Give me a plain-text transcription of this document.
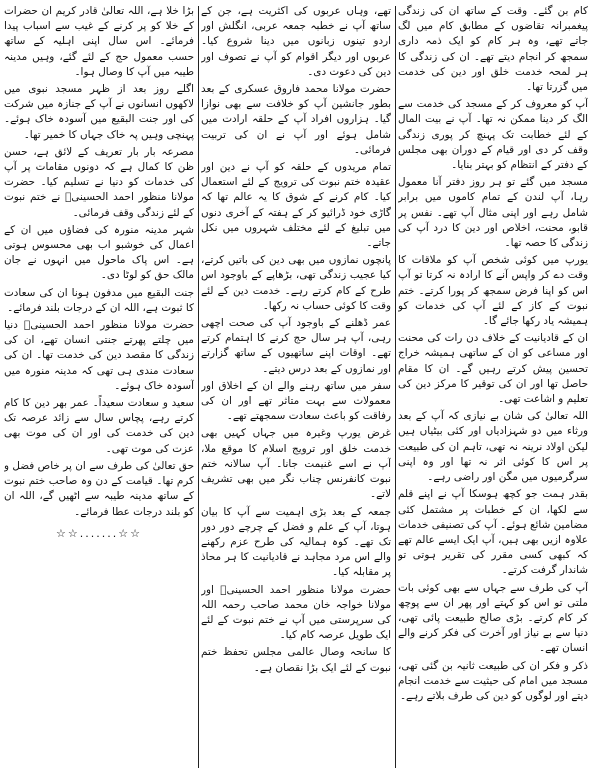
کام بن گئے۔ وقت کے ساتھ ان کی زندگی پیغمبرانہ تقاضوں کے مطابق کام میں لگ جاتے تھے، وہ ہر کام کو ایک ذمہ داری سمجھ کر انجام دیتے تھے۔ ان کی زندگی کا ہر لمحہ خدمت خلق اور دین کی خدمت میں گزرتا تھا۔

آپ کو معروف کر کے مسجد کی خدمت سے الگ کر دینا ممکن نہ تھا۔ آپ نے بیت المال کے لئے خطابت تک پہنچ کر پوری زندگی وقف کر دی اور قیام کے دوران بھی مجلس کے دفتر کے انتظام کو بہتر بنایا۔

مسجد میں گئے تو ہر روز دفتر آنا معمول رہا، آپ لندن کے تمام کاموں میں برابر شامل رہے اور اپنی مثال آپ تھے۔ نفس پر قابو، محنت، اخلاص اور دین کا درد آپ کی زندگی کا حصہ تھا۔

یورپ میں کوئی شخص آپ کو ملاقات کا وقت دے کر واپس آنے کا ارادہ نہ کرتا تو آپ اس کو اپنا فرض سمجھ کر پورا کرتے۔ ختم نبوت کے کاز کے لئے آپ کی خدمات کو ہمیشہ یاد رکھا جائے گا۔

ان کے قادیانیت کے خلاف دن رات کی محنت اور مساعی کو ان کے ساتھی ہمیشہ خراج تحسین پیش کرتے رہیں گے۔ ان کا مقام حاصل تھا اور ان کی توقیر کا مرکز دین کی تعلیم و اشاعت تھی۔

اللہ تعالیٰ کی شان بے نیازی کہ آپ کے بعد ورثاء میں دو شہزادیاں اور کئی بیٹیاں ہیں لیکن اولاد نرینہ نہ تھی، تاہم ان کی طبیعت پر اس کا کوئی اثر نہ تھا اور وہ اپنی سرگرمیوں میں مگن اور راضی رہے۔

بقدر ہمت جو کچھ ہوسکا آپ نے اپنے قلم سے لکھا، ان کے خطبات پر مشتمل کئی مضامین شائع ہوئے۔ آپ کی تصنیفی خدمات علاوہ ازیں بھی ہیں، آپ ایک ایسے عالم تھے کہ کبھی کسی مقرر کی تقریر ہوتی تو شاندار گرفت کرتے۔

آپ کی طرف سے جہاں سے بھی کوئی بات ملتی تو اس کو کہتے اور پھر ان سے پوچھ کر کام کرتے۔ بڑی صالح طبیعت پائی تھی، دنیا سے بے نیاز اور آخرت کی فکر کرنے والے انسان تھے۔

ذکر و فکر ان کی طبیعت ثانیہ بن گئی تھی، مسجد میں امام کی حیثیت سے خدمت انجام دیتے اور لوگوں کو دین کی طرف بلاتے رہے۔

تھے، وہاں عربوں کی اکثریت ہے، جن کے ساتھ آپ نے خطبہ جمعہ عربی، انگلش اور اردو تینوں زبانوں میں دینا شروع کیا۔ عربوں اور دیگر اقوام کو آپ نے تصوف اور دین کی دعوت دی۔

حضرت مولانا محمد فاروق عسکری کے بعد بطور جانشین آپ کو خلافت سے بھی نوازا گیا۔ ہزاروں افراد آپ کے حلقہ ارادت میں شامل ہوئے اور آپ نے ان کی تربیت فرمائی۔

تمام مریدوں کے حلقہ کو آپ نے دین اور عقیدہ ختم نبوت کی ترویج کے لئے استعمال کیا۔ کام کرنے کے شوق کا یہ عالم تھا کہ گاڑی خود ڈرائیو کر کے ہفتہ کے آخری دنوں میں تبلیغ کے لئے مختلف شہروں میں نکل جاتے۔

پانچوں نمازوں میں بھی دین کی باتیں کرتے، کیا عجیب زندگی تھی، بڑھاپے کے باوجود اس طرح کے کام کرتے رہے۔ خدمت دین کے لئے وقت کا کوئی حساب نہ رکھا۔

عمر ڈھلنے کے باوجود آپ کی صحت اچھی رہی، آپ ہر سال حج کرنے کا اہتمام کرتے تھے۔ اوقات اپنے ساتھیوں کے ساتھ گزارتے اور نمازوں کے بعد درس دیتے۔

سفر میں ساتھ رہنے والے ان کے اخلاق اور معمولات سے بہت متاثر تھے اور ان کی رفاقت کو باعث سعادت سمجھتے تھے۔

غرض یورپ وغیرہ میں جہاں کہیں بھی خدمت خلق اور ترویج اسلام کا موقع ملا، آپ نے اسے غنیمت جانا۔ آپ سالانہ ختم نبوت کانفرنس چناب نگر میں بھی تشریف لاتے۔

جمعہ کے بعد بڑی اہمیت سے آپ کا بیان ہوتا، آپ کے علم و فضل کے چرچے دور دور تک تھے۔ کوہ ہمالیہ کی طرح عزم رکھنے والے اس مرد مجاہد نے قادیانیت کا ہر محاذ پر مقابلہ کیا۔

حضرت مولانا منظور احمد الحسینیؒ اور مولانا خواجہ خان محمد صاحب رحمہ اللہ کی سرپرستی میں آپ نے ختم نبوت کے لئے ایک طویل عرصہ کام کیا۔

کا سانحہ وصال عالمی مجلس تحفظ ختم نبوت کے لئے ایک بڑا نقصان ہے۔

بڑا خلا ہے، اللہ تعالیٰ قادر کریم ان حضرات کے خلا کو پر کرنے کے غیب سے اسباب پیدا فرمائے۔ اس سال اپنی اہلیہ کے ساتھ حسب معمول حج کے لئے گئے، وہیں مدینہ طیبہ میں آپ کا وصال ہوا۔

اگلے روز بعد از ظہر مسجد نبوی میں لاکھوں انسانوں نے آپ کے جنازہ میں شرکت کی اور جنت البقیع میں آسودہ خاک ہوئے۔ پہنچی وہیں پہ خاک جہاں کا خمیر تھا۔

مصرعہ بار بار تعریف کے لائق ہے، حسن ظن کا کمال ہے کہ دونوں مقامات پر آپ کی خدمات کو دنیا نے تسلیم کیا۔ حضرت مولانا منظور احمد الحسینیؒ نے ختم نبوت کے لئے زندگی وقف فرمائی۔

شہر مدینہ منورہ کی فضاؤں میں ان کے اعمال کی خوشبو اب بھی محسوس ہوتی ہے۔ اس پاک ماحول میں انہوں نے جان مالک حق کو لوٹا دی۔

جنت البقیع میں مدفون ہونا ان کی سعادت کا ثبوت ہے، اللہ ان کے درجات بلند فرمائے۔

حضرت مولانا منظور احمد الحسینیؒ دنیا میں چلتے پھرتے جنتی انسان تھے، ان کی زندگی کا مقصد دین کی خدمت تھا۔ ان کی سعادت مندی ہی تھی کہ مدینہ منورہ میں آسودہ خاک ہوئے۔

سعید و سعادت سعیداً۔ عمر بھر دین کا کام کرتے رہے، پچاس سال سے زائد عرصہ تک دین کی خدمت کی اور ان کی موت بھی عزت کی موت تھی۔

حق تعالیٰ کی طرف سے ان پر خاص فضل و کرم تھا۔ قیامت کے دن وہ صاحب ختم نبوت کے ساتھ مدینہ طیبہ سے اٹھیں گے، اللہ ان کو بلند درجات عطا فرمائے۔

☆☆.......☆☆
